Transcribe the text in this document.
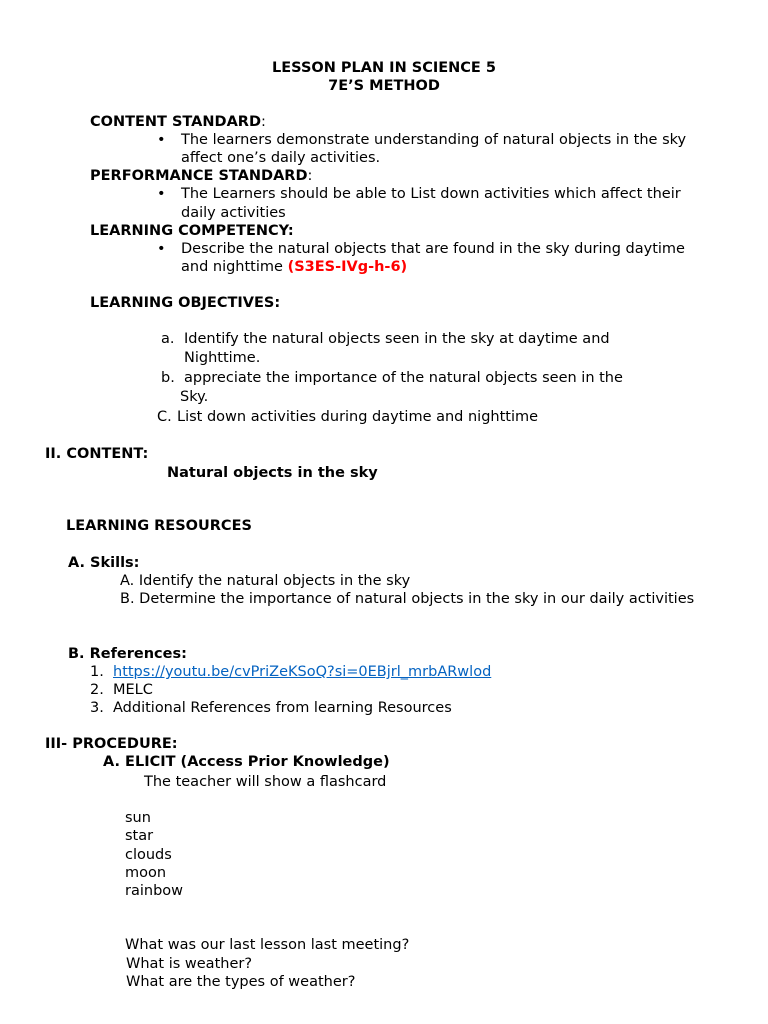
LESSON PLAN IN SCIENCE 5
7E’S METHOD
CONTENT STANDARD:
• The learners demonstrate understanding of natural objects in the sky
affect one’s daily activities.
PERFORMANCE STANDARD:
• The Learners should be able to List down activities which affect their
daily activities
LEARNING COMPETENCY:
• Describe the natural objects that are found in the sky during daytime
and nighttime (S3ES-IVg-h-6)
LEARNING OBJECTIVES:
a. Identify the natural objects seen in the sky at daytime and
Nighttime.
b. appreciate the importance of the natural objects seen in the
Sky.
C. List down activities during daytime and nighttime
II. CONTENT:
Natural objects in the sky
LEARNING RESOURCES
A. Skills:
A. Identify the natural objects in the sky
B. Determine the importance of natural objects in the sky in our daily activities
B. References:
1. https://youtu.be/cvPriZeKSoQ?si=0EBjrl_mrbARwlod
2. MELC
3. Additional References from learning Resources
III- PROCEDURE:
A. ELICIT (Access Prior Knowledge)
The teacher will show a flashcard
sun
star
clouds
moon
rainbow
What was our last lesson last meeting?
What is weather?
What are the types of weather?
